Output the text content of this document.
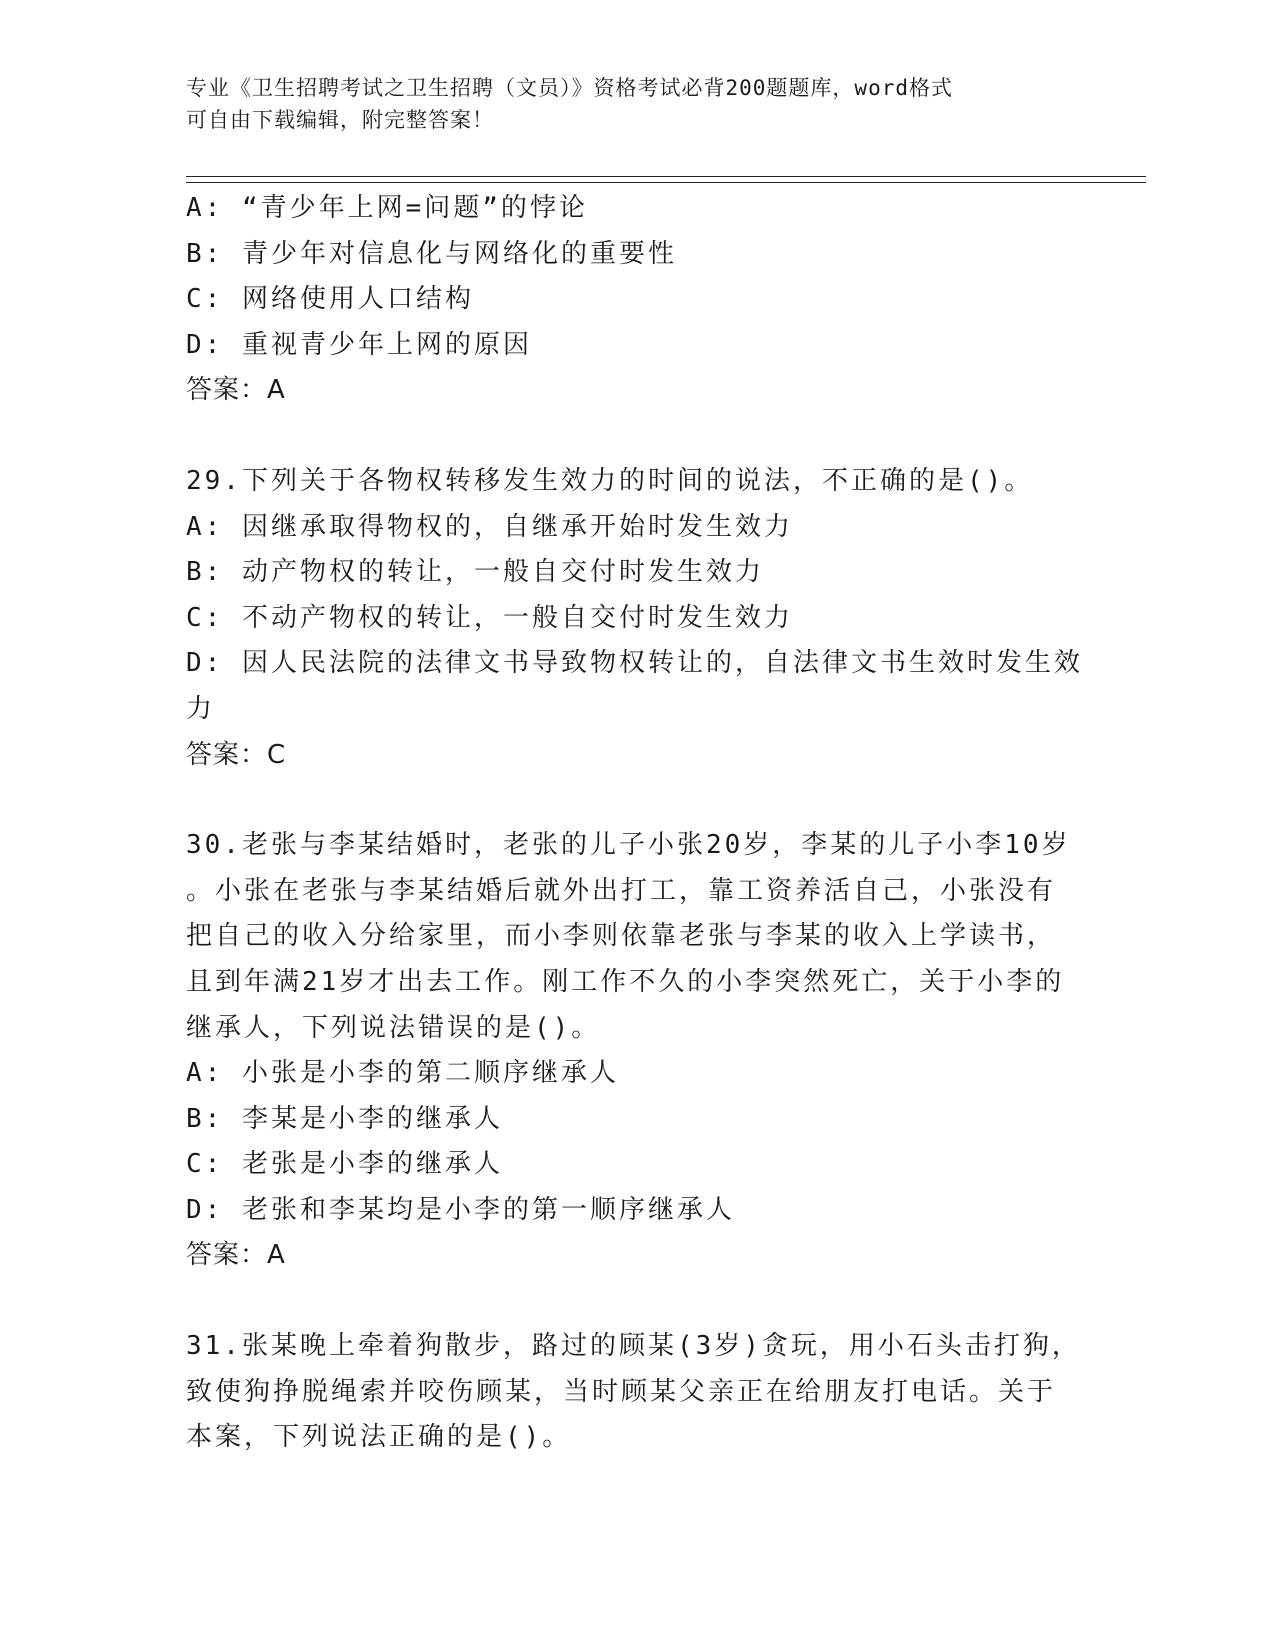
专业《卫生招聘考试之卫生招聘（文员）》资格考试必背200题题库，word格式
可自由下载编辑，附完整答案！
A: “青少年上网=问题”的悖论
B: 青少年对信息化与网络化的重要性
C: 网络使用人口结构
D: 重视青少年上网的原因
答案：A
29.下列关于各物权转移发生效力的时间的说法，不正确的是()。
A: 因继承取得物权的，自继承开始时发生效力
B: 动产物权的转让，一般自交付时发生效力
C: 不动产物权的转让，一般自交付时发生效力
D: 因人民法院的法律文书导致物权转让的，自法律文书生效时发生效
力
答案：C
30.老张与李某结婚时，老张的儿子小张20岁，李某的儿子小李10岁
。小张在老张与李某结婚后就外出打工，靠工资养活自己，小张没有
把自己的收入分给家里，而小李则依靠老张与李某的收入上学读书，
且到年满21岁才出去工作。刚工作不久的小李突然死亡，关于小李的
继承人，下列说法错误的是()。
A: 小张是小李的第二顺序继承人
B: 李某是小李的继承人
C: 老张是小李的继承人
D: 老张和李某均是小李的第一顺序继承人
答案：A
31.张某晚上牵着狗散步，路过的顾某(3岁)贪玩，用小石头击打狗，
致使狗挣脱绳索并咬伤顾某，当时顾某父亲正在给朋友打电话。关于
本案，下列说法正确的是()。
